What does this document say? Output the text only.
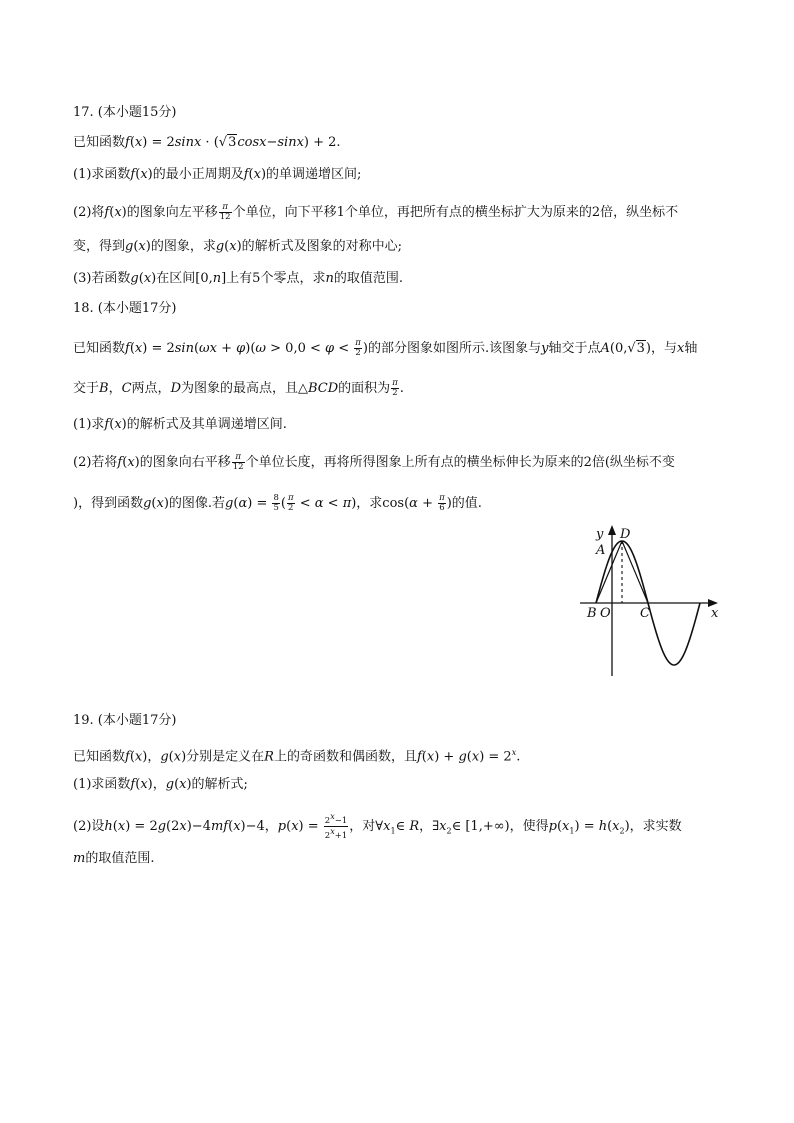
17. (本小题15分)
已知函数f(x) = 2sinx · (√3cosx−sinx) + 2.
(1)求函数f(x)的最小正周期及f(x)的单调递增区间;
(2)将f(x)的图象向左平移 $\frac{\pi}{12}$ 个单位，向下平移1个单位，再把所有点的横坐标扩大为原来的2倍，纵坐标不
变，得到g(x)的图象，求g(x)的解析式及图象的对称中心;
(3)若函数g(x)在区间[0,n]上有5个零点，求n的取值范围.
18. (本小题17分)
已知函数$f(x) = 2\sin(\omega x + \varphi)(\omega > 0,0 < \varphi < \frac{\pi}{2}$ )的部分图象如图所示.该图象与y轴交于点A(0,√3)，与x轴
交于B，C两点，D为图象的最高点，且△BCD的面积为 $\frac{\pi}{2}$ .
(1)求f(x)的解析式及其单调递增区间.
(2)若将f(x)的图象向右平移 $\frac{\pi}{12}$ 个单位长度，再将所得图象上所有点的横坐标伸长为原来的2倍(纵坐标不变
)，得到函数g(x)的图像.若$g(\alpha) = \frac{8}{5}$ ( $\frac{\pi}{2} < \alpha < \pi$)，求$\cos(\alpha + \frac{\pi}{6}$ )的值.
y D
A
B O C	x
19. (本小题17分)
已知函数f(x)，g(x)分别是定义在R上的奇函数和偶函数，且$f(x) + g(x) = 2^x$.
(1)求函数f(x)，g(x)的解析式;
(2)设h(x) = 2g(2x)−4mf(x)−4，$p(x) = \frac{2^x-1}{2^x+1}$ ，对$\forall x_1\in$ R，$\exists x_2\in$ [1,+∞)，使得$p(x_1) = h(x_2)$，求实数
m的取值范围.
